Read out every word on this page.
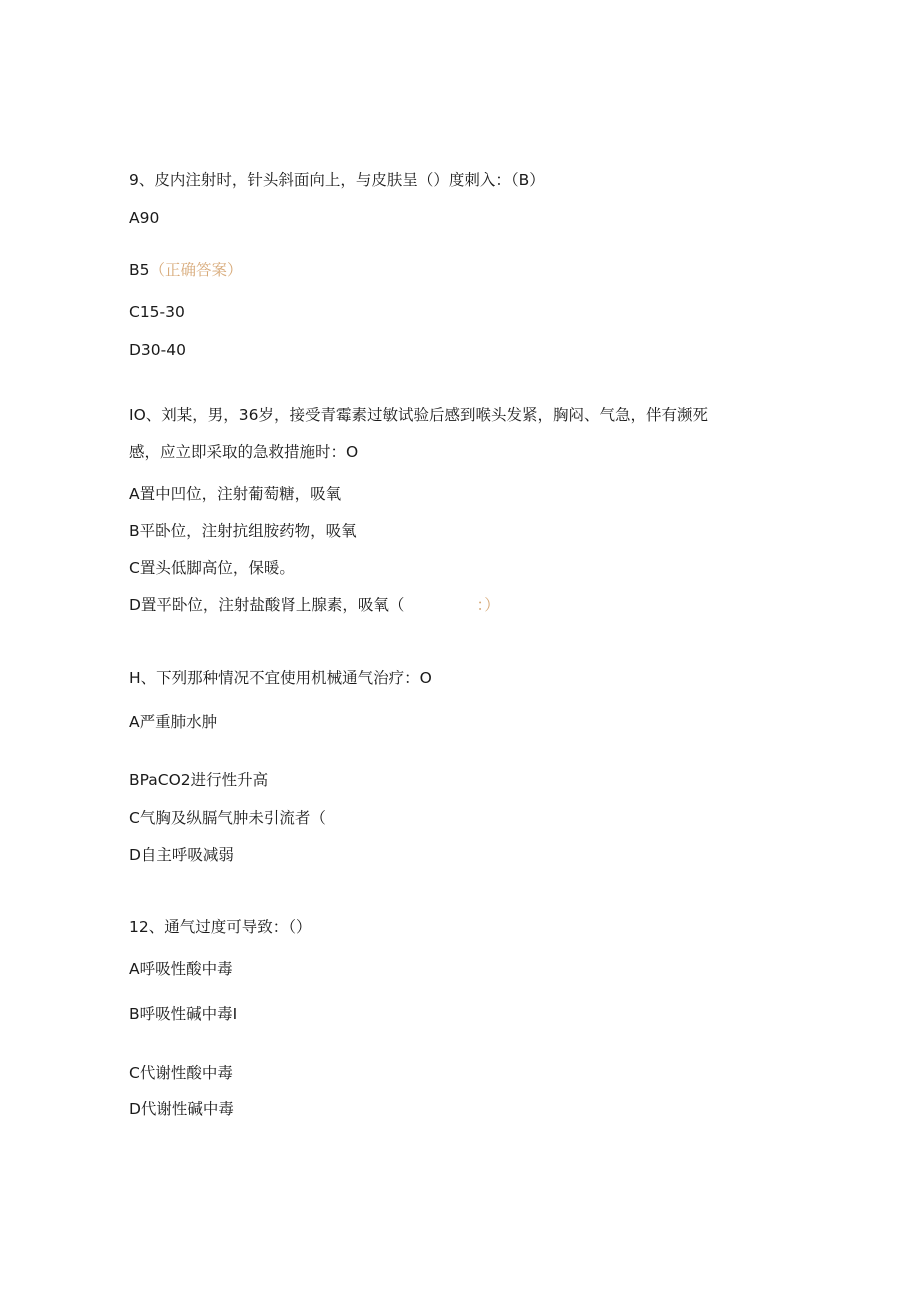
9、皮内注射时，针头斜面向上，与皮肤呈（）度刺入：（B）
A90
B5（正确答案）
C15-30
D30-40
IO、刘某，男，36岁，接受青霉素过敏试验后感到喉头发紧，胸闷、气急，伴有濒死
感，应立即采取的急救措施时：O
A置中凹位，注射葡萄糖，吸氧
B平卧位，注射抗组胺药物，吸氧
C置头低脚高位，保暖。
D置平卧位，注射盐酸肾上腺素，吸氧（	：）
H、下列那种情况不宜使用机械通气治疗：O
A严重肺水肿
BPaCO2进行性升高
C气胸及纵膈气肿未引流者（
D自主呼吸减弱
12、通气过度可导致：（）
A呼吸性酸中毒
B呼吸性碱中毒I
C代谢性酸中毒
D代谢性碱中毒
